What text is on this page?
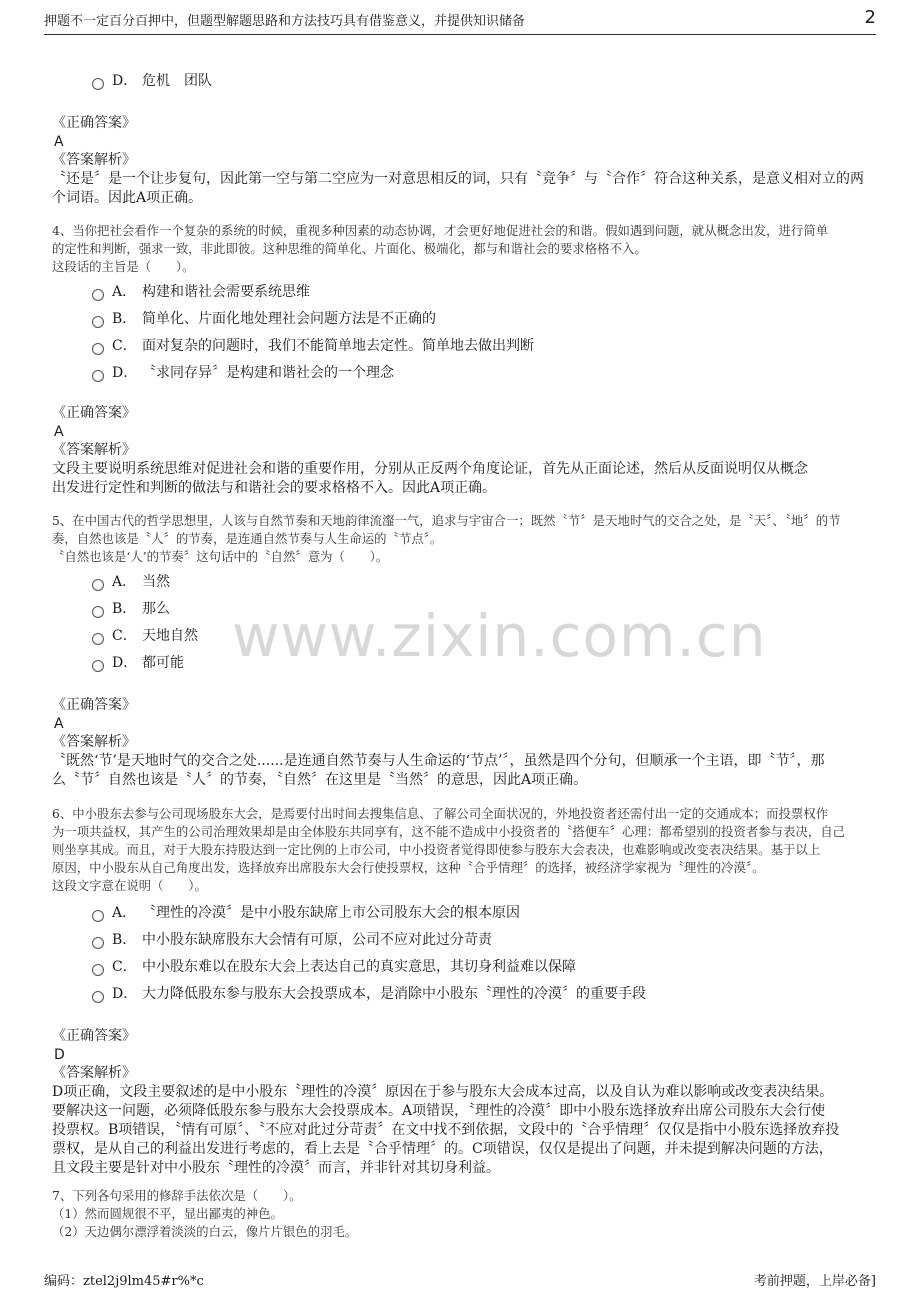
押题不一定百分百押中，但题型解题思路和方法技巧具有借鉴意义，并提供知识储备	2
www.zixin.com.cn
D． 危机　团队

《正确答案》

A

《答案解析》

〝还是〞是一个让步复句，因此第一空与第二空应为一对意思相反的词，只有〝竞争〞与〝合作〞符合这种关系，是意义相对立的两

个词语。因此A项正确。

4、当你把社会看作一个复杂的系统的时候，重视多种因素的动态协调，才会更好地促进社会的和谐。假如遇到问题，就从概念出发，进行简单

的定性和判断，强求一致，非此即彼。这种思维的简单化、片面化、极端化，都与和谐社会的要求格格不入。

这段话的主旨是（　　）。

A． 构建和谐社会需要系统思维
B． 简单化、片面化地处理社会问题方法是不正确的
C． 面对复杂的问题时，我们不能简单地去定性。简单地去做出判断
D． 〝求同存异〞是构建和谐社会的一个理念

《正确答案》

A

《答案解析》

文段主要说明系统思维对促进社会和谐的重要作用，分别从正反两个角度论证，首先从正面论述，然后从反面说明仅从概念

出发进行定性和判断的做法与和谐社会的要求格格不入。因此A项正确。

5、在中国古代的哲学思想里，人该与自然节奏和天地韵律流瀣一气，追求与宇宙合一；既然〝节〞是天地时气的交合之处，是〝天〞、〝地〞的节

奏，自然也该是〝人〞的节奏，是连通自然节奏与人生命运的〝节点〞。

〝自然也该是‘人’的节奏〞这句话中的〝自然〞意为（　　）。

A． 当然
B． 那么
C． 天地自然
D． 都可能

《正确答案》

A

《答案解析》

〝既然‘节’是天地时气的交合之处......是连通自然节奏与人生命运的‘节点’〞，虽然是四个分句，但顺承一个主语，即〝节〞，那

么〝节〞自然也该是〝人〞的节奏，〝自然〞在这里是〝当然〞的意思，因此A项正确。

6、中小股东去参与公司现场股东大会，是焉要付出时间去搜集信息、了解公司全面状况的，外地投资者还需付出一定的交通成本；而投票权作

为一项共益权，其产生的公司治理效果却是由全体股东共同享有，这不能不造成中小投资者的〝搭便车〞心理：都希望别的投资者参与表决，自己

则坐享其成。而且，对于大股东持股达到一定比例的上市公司，中小投资者觉得即使参与股东大会表决，也难影响或改变表决结果。基于以上

原因，中小股东从自己角度出发，选择放弃出席股东大会行使投票权，这种〝合乎情理〞的选择，被经济学家视为〝理性的冷漠〞。

这段文字意在说明（　　）。

A． 〝理性的冷漠〞是中小股东缺席上市公司股东大会的根本原因
B． 中小股东缺席股东大会情有可原，公司不应对此过分苛责
C． 中小股东难以在股东大会上表达自己的真实意思，其切身利益难以保障
D． 大力降低股东参与股东大会投票成本，是消除中小股东〝理性的冷漠〞的重要手段

《正确答案》

D

《答案解析》

D项正确，文段主要叙述的是中小股东〝理性的冷漠〞原因在于参与股东大会成本过高，以及自认为难以影响或改变表决结果。

要解决这一问题，必须降低股东参与股东大会投票成本。A项错误，〝理性的冷漠〞即中小股东选择放弃出席公司股东大会行使

投票权。B项错误，〝情有可原〞、〝不应对此过分苛责〞在文中找不到依据，文段中的〝合乎情理〞仅仅是指中小股东选择放弃投

票权，是从自己的利益出发进行考虑的，看上去是〝合乎情理〞的。C项错误，仅仅是提出了问题，并未提到解决问题的方法，

且文段主要是针对中小股东〝理性的冷漠〞而言，并非针对其切身利益。

7、下列各句采用的修辞手法依次是（　　）。

（1）然而圆规很不平，显出鄙夷的神色。

（2）天边偶尔漂浮着淡淡的白云，像片片银色的羽毛。

编码：ztel2j9lm45#r%*c	考前押题，上岸必备]
